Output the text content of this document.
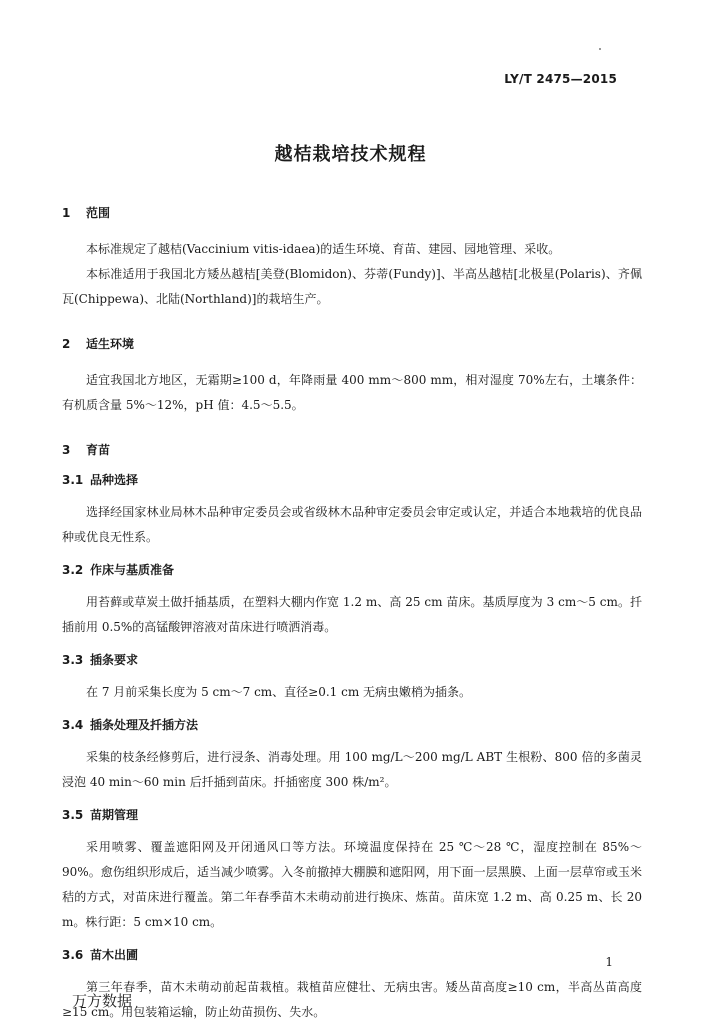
LY/T 2475—2015
越桔栽培技术规程
1	范围
本标准规定了越桔(Vaccinium vitis-idaea)的适生环境、育苗、建园、园地管理、采收。
本标准适用于我国北方矮丛越桔[美登(Blomidon)、芬蒂(Fundy)]、半高丛越桔[北极星(Polaris)、齐佩瓦(Chippewa)、北陆(Northland)]的栽培生产。
2	适生环境
适宜我国北方地区，无霜期≥100 d，年降雨量 400 mm～800 mm，相对湿度 70%左右，土壤条件：有机质含量 5%～12%，pH 值：4.5～5.5。
3	育苗
3.1 品种选择
选择经国家林业局林木品种审定委员会或省级林木品种审定委员会审定或认定，并适合本地栽培的优良品种或优良无性系。
3.2 作床与基质准备
用苔藓或草炭土做扦插基质，在塑料大棚内作宽 1.2 m、高 25 cm 苗床。基质厚度为 3 cm～5 cm。扦插前用 0.5%的高锰酸钾溶液对苗床进行喷洒消毒。
3.3 插条要求
在 7 月前采集长度为 5 cm～7 cm、直径≥0.1 cm 无病虫嫩梢为插条。
3.4 插条处理及扦插方法
采集的枝条经修剪后，进行浸条、消毒处理。用 100 mg/L～200 mg/L ABT 生根粉、800 倍的多菌灵浸泡 40 min～60 min 后扦插到苗床。扦插密度 300 株/m²。
3.5 苗期管理
采用喷雾、覆盖遮阳网及开闭通风口等方法。环境温度保持在 25 ℃～28 ℃，湿度控制在 85%～90%。愈伤组织形成后，适当减少喷雾。入冬前撤掉大棚膜和遮阳网，用下面一层黑膜、上面一层草帘或玉米秸的方式，对苗床进行覆盖。第二年春季苗木未萌动前进行换床、炼苗。苗床宽 1.2 m、高 0.25 m、长 20 m。株行距：5 cm×10 cm。
3.6 苗木出圃
第三年春季，苗木未萌动前起苗栽植。栽植苗应健壮、无病虫害。矮丛苗高度≥10 cm，半高丛苗高度≥15 cm。用包装箱运输，防止幼苗损伤、失水。
1
万方数据
